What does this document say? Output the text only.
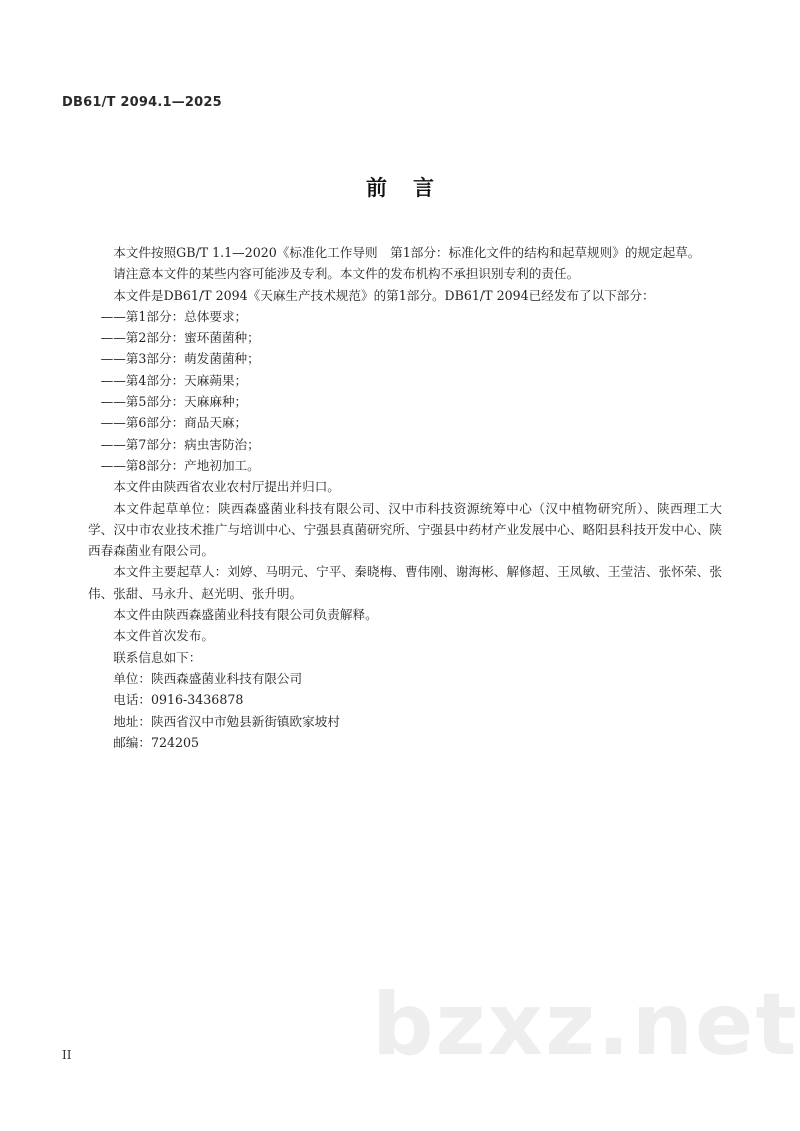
DB61/T 2094.1—2025
前言

本文件按照GB/T 1.1—2020《标准化工作导则　第1部分：标准化文件的结构和起草规则》的规定起草。

请注意本文件的某些内容可能涉及专利。本文件的发布机构不承担识别专利的责任。

本文件是DB61/T 2094《天麻生产技术规范》的第1部分。DB61/T 2094已经发布了以下部分：

——第1部分：总体要求；

——第2部分：蜜环菌菌种；

——第3部分：萌发菌菌种；

——第4部分：天麻蒴果；

——第5部分：天麻麻种；

——第6部分：商品天麻；

——第7部分：病虫害防治；

——第8部分：产地初加工。

本文件由陕西省农业农村厅提出并归口。

本文件起草单位：陕西森盛菌业科技有限公司、汉中市科技资源统筹中心（汉中植物研究所）、陕西理工大学、汉中市农业技术推广与培训中心、宁强县真菌研究所、宁强县中药材产业发展中心、略阳县科技开发中心、陕西春森菌业有限公司。

本文件主要起草人：刘婷、马明元、宁平、秦晓梅、曹伟刚、谢海彬、解修超、王凤敏、王莹洁、张怀荣、张伟、张甜、马永升、赵光明、张升明。

本文件由陕西森盛菌业科技有限公司负责解释。

本文件首次发布。

联系信息如下：

单位：陕西森盛菌业科技有限公司

电话：0916-3436878

地址：陕西省汉中市勉县新街镇欧家坡村

邮编：724205

II	bzxz.net
